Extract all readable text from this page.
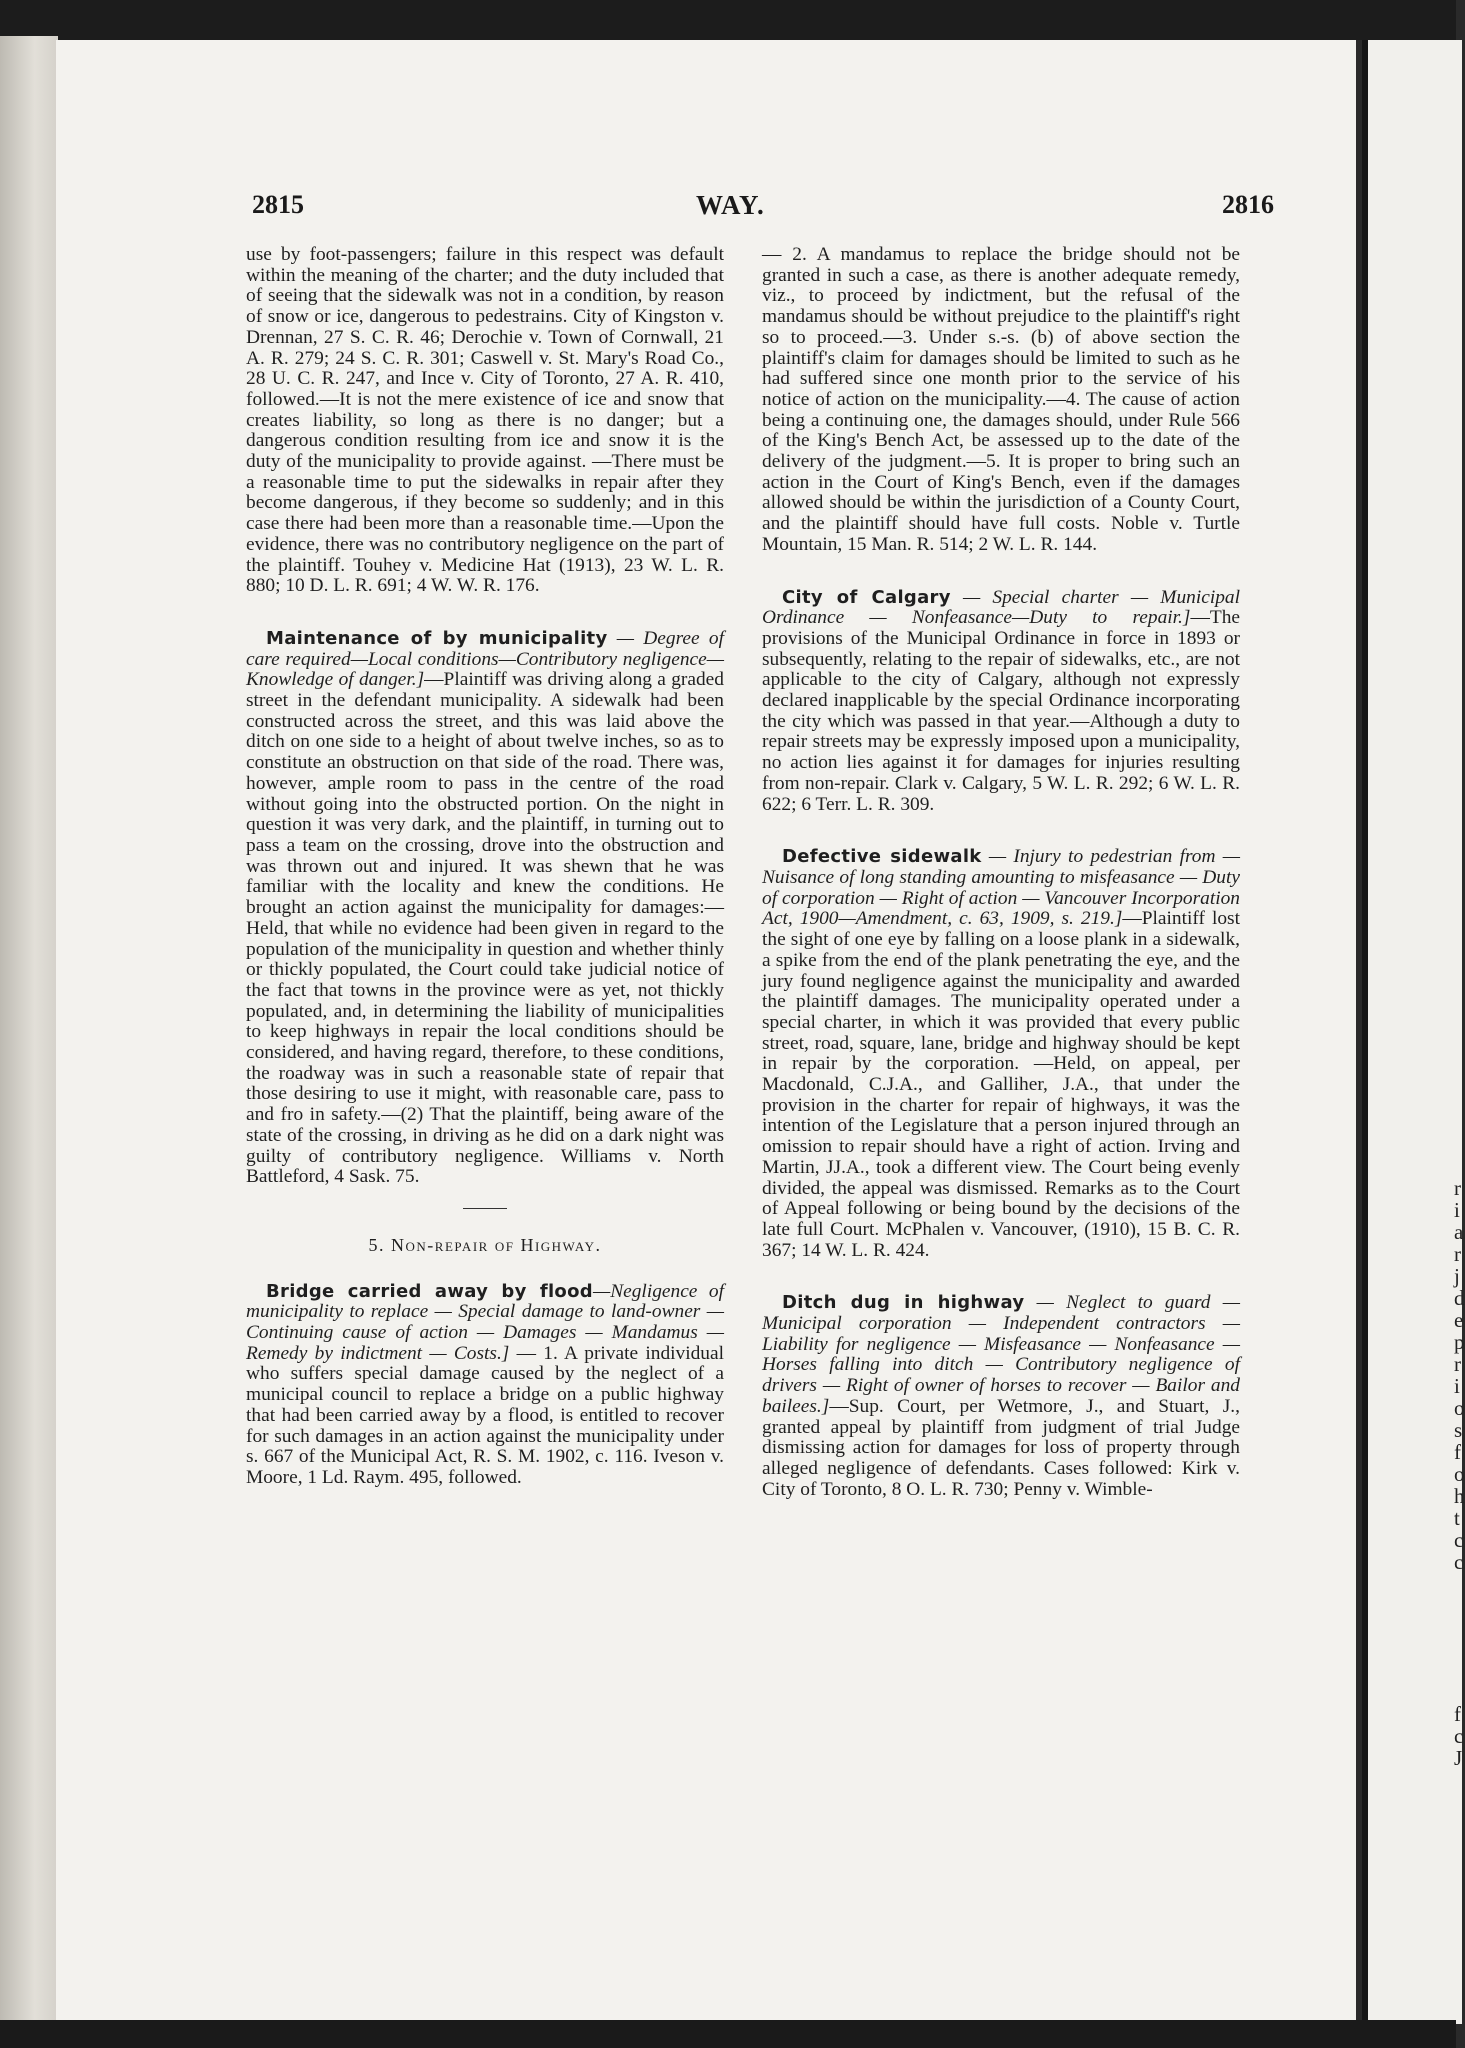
2815	WAY.	2816

use by foot-passengers; failure in this respect was default within the meaning of the charter; and the duty included that of seeing that the sidewalk was not in a condition, by reason of snow or ice, dangerous to pedestrains. City of Kingston v. Drennan, 27 S. C. R. 46; Derochie v. Town of Cornwall, 21 A. R. 279; 24 S. C. R. 301; Caswell v. St. Mary's Road Co., 28 U. C. R. 247, and Ince v. City of Toronto, 27 A. R. 410, followed.—It is not the mere existence of ice and snow that creates liability, so long as there is no danger; but a dangerous condition resulting from ice and snow it is the duty of the municipality to provide against. —There must be a reasonable time to put the sidewalks in repair after they become dangerous, if they become so suddenly; and in this case there had been more than a reasonable time.—Upon the evidence, there was no contributory negligence on the part of the plaintiff. Touhey v. Medicine Hat (1913), 23 W. L. R. 880; 10 D. L. R. 691; 4 W. W. R. 176.

Maintenance of by municipality — Degree of care required—Local conditions—Contributory negligence—Knowledge of danger.]—Plaintiff was driving along a graded street in the defendant municipality. A sidewalk had been constructed across the street, and this was laid above the ditch on one side to a height of about twelve inches, so as to constitute an obstruction on that side of the road. There was, however, ample room to pass in the centre of the road without going into the obstructed portion. On the night in question it was very dark, and the plaintiff, in turning out to pass a team on the crossing, drove into the obstruction and was thrown out and injured. It was shewn that he was familiar with the locality and knew the conditions. He brought an action against the municipality for damages:—Held, that while no evidence had been given in regard to the population of the municipality in question and whether thinly or thickly populated, the Court could take judicial notice of the fact that towns in the province were as yet, not thickly populated, and, in determining the liability of municipalities to keep highways in repair the local conditions should be considered, and having regard, therefore, to these conditions, the roadway was in such a reasonable state of repair that those desiring to use it might, with reasonable care, pass to and fro in safety.—(2) That the plaintiff, being aware of the state of the crossing, in driving as he did on a dark night was guilty of contributory negligence. Williams v. North Battleford, 4 Sask. 75.

5. Non-repair of Highway.

Bridge carried away by flood—Negligence of municipality to replace — Special damage to land-owner — Continuing cause of action — Damages — Mandamus — Remedy by indictment — Costs.] — 1. A private individual who suffers special damage caused by the neglect of a municipal council to replace a bridge on a public highway that had been carried away by a flood, is entitled to recover for such damages in an action against the municipality under s. 667 of the Municipal Act, R. S. M. 1902, c. 116. Iveson v. Moore, 1 Ld. Raym. 495, followed.

— 2. A mandamus to replace the bridge should not be granted in such a case, as there is another adequate remedy, viz., to proceed by indictment, but the refusal of the mandamus should be without prejudice to the plaintiff's right so to proceed.—3. Under s.-s. (b) of above section the plaintiff's claim for damages should be limited to such as he had suffered since one month prior to the service of his notice of action on the municipality.—4. The cause of action being a continuing one, the damages should, under Rule 566 of the King's Bench Act, be assessed up to the date of the delivery of the judgment.—5. It is proper to bring such an action in the Court of King's Bench, even if the damages allowed should be within the jurisdiction of a County Court, and the plaintiff should have full costs. Noble v. Turtle Mountain, 15 Man. R. 514; 2 W. L. R. 144.

City of Calgary — Special charter — Municipal Ordinance — Nonfeasance—Duty to repair.]—The provisions of the Municipal Ordinance in force in 1893 or subsequently, relating to the repair of sidewalks, etc., are not applicable to the city of Calgary, although not expressly declared inapplicable by the special Ordinance incorporating the city which was passed in that year.—Although a duty to repair streets may be expressly imposed upon a municipality, no action lies against it for damages for injuries resulting from non-repair. Clark v. Calgary, 5 W. L. R. 292; 6 W. L. R. 622; 6 Terr. L. R. 309.

Defective sidewalk — Injury to pedestrian from — Nuisance of long standing amounting to misfeasance — Duty of corporation — Right of action — Vancouver Incorporation Act, 1900—Amendment, c. 63, 1909, s. 219.]—Plaintiff lost the sight of one eye by falling on a loose plank in a sidewalk, a spike from the end of the plank penetrating the eye, and the jury found negligence against the municipality and awarded the plaintiff damages. The municipality operated under a special charter, in which it was provided that every public street, road, square, lane, bridge and highway should be kept in repair by the corporation. —Held, on appeal, per Macdonald, C.J.A., and Galliher, J.A., that under the provision in the charter for repair of highways, it was the intention of the Legislature that a person injured through an omission to repair should have a right of action. Irving and Martin, JJ.A., took a different view. The Court being evenly divided, the appeal was dismissed. Remarks as to the Court of Appeal following or being bound by the decisions of the late full Court. McPhalen v. Vancouver, (1910), 15 B. C. R. 367; 14 W. L. R. 424.

Ditch dug in highway — Neglect to guard — Municipal corporation — Independent contractors — Liability for negligence — Misfeasance — Nonfeasance — Horses falling into ditch — Contributory negligence of drivers — Right of owner of horses to recover — Bailor and bailees.]—Sup. Court, per Wetmore, J., and Stuart, J., granted appeal by plaintiff from judgment of trial Judge dismissing action for damages for loss of property through alleged negligence of defendants. Cases followed: Kirk v. City of Toronto, 8 O. L. R. 730; Penny v. Wimble-

r
i
a
r
j
d
e
p
r
i
o
s
f
o
h
t
c
c
f
c
J
